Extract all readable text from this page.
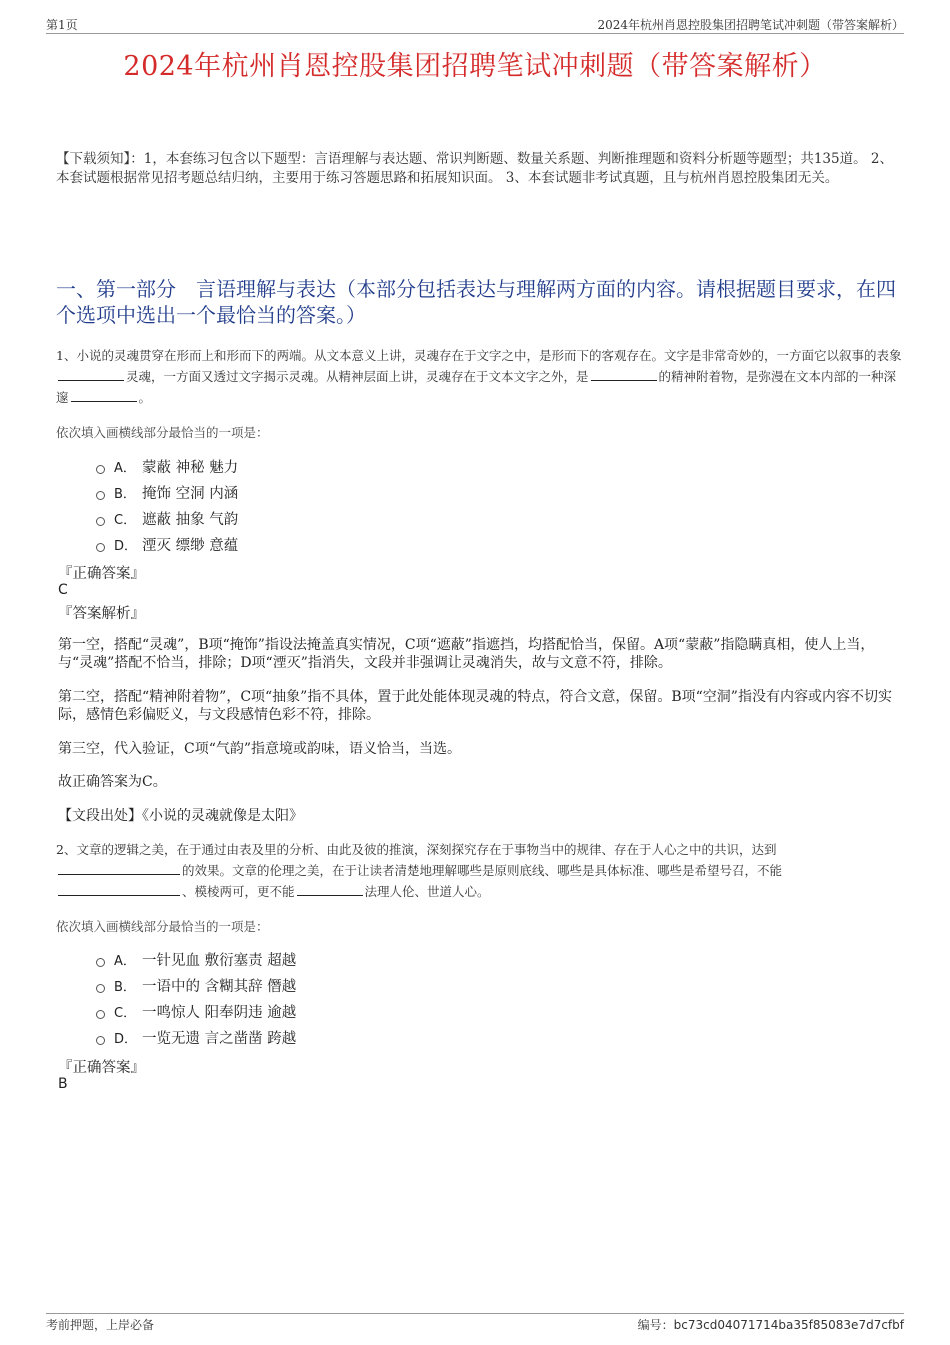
第1页	2024年杭州肖恩控股集团招聘笔试冲刺题（带答案解析）
2024年杭州肖恩控股集团招聘笔试冲刺题（带答案解析）
【下载须知】：1，本套练习包含以下题型：言语理解与表达题、常识判断题、数量关系题、判断推理题和资料分析题等题型；共135道。 2、本套试题根据常见招考题总结归纳，主要用于练习答题思路和拓展知识面。 3、本套试题非考试真题，且与杭州肖恩控股集团无关。
一、第一部分　言语理解与表达（本部分包括表达与理解两方面的内容。请根据题目要求，在四个选项中选出一个最恰当的答案。）
1、小说的灵魂贯穿在形而上和形而下的两端。从文本意义上讲，灵魂存在于文字之中，是形而下的客观存在。文字是非常奇妙的，一方面它以叙事的表象灵魂，一方面又透过文字揭示灵魂。从精神层面上讲，灵魂存在于文本文字之外，是	的精神附着物，是弥漫在文本内部的一种深邃	。
依次填入画横线部分最恰当的一项是：
A． 蒙蔽 神秘 魅力
B． 掩饰 空洞 内涵
C． 遮蔽 抽象 气韵
D． 湮灭 缥缈 意蕴
『正确答案』
C
『答案解析』
第一空，搭配“灵魂”，B项“掩饰”指设法掩盖真实情况，C项“遮蔽”指遮挡，均搭配恰当，保留。A项“蒙蔽”指隐瞒真相，使人上当，与“灵魂”搭配不恰当，排除；D项“湮灭”指消失，文段并非强调让灵魂消失，故与文意不符，排除。
第二空，搭配“精神附着物”，C项“抽象”指不具体，置于此处能体现灵魂的特点，符合文意，保留。B项“空洞”指没有内容或内容不切实际，感情色彩偏贬义，与文段感情色彩不符，排除。
第三空，代入验证，C项“气韵”指意境或韵味，语义恰当，当选。
故正确答案为C。
【文段出处】《小说的灵魂就像是太阳》
2、文章的逻辑之美，在于通过由表及里的分析、由此及彼的推演，深刻探究存在于事物当中的规律、存在于人心之中的共识，达到的效果。文章的伦理之美，在于让读者清楚地理解哪些是原则底线、哪些是具体标准、哪些是希望号召，不能、模棱两可，更不能	法理人伦、世道人心。
依次填入画横线部分最恰当的一项是：
A． 一针见血 敷衍塞责 超越
B． 一语中的 含糊其辞 僭越
C． 一鸣惊人 阳奉阴违 逾越
D． 一览无遗 言之凿凿 跨越
『正确答案』
B
考前押题，上岸必备	编号：bc73cd04071714ba35f85083e7d7cfbf
